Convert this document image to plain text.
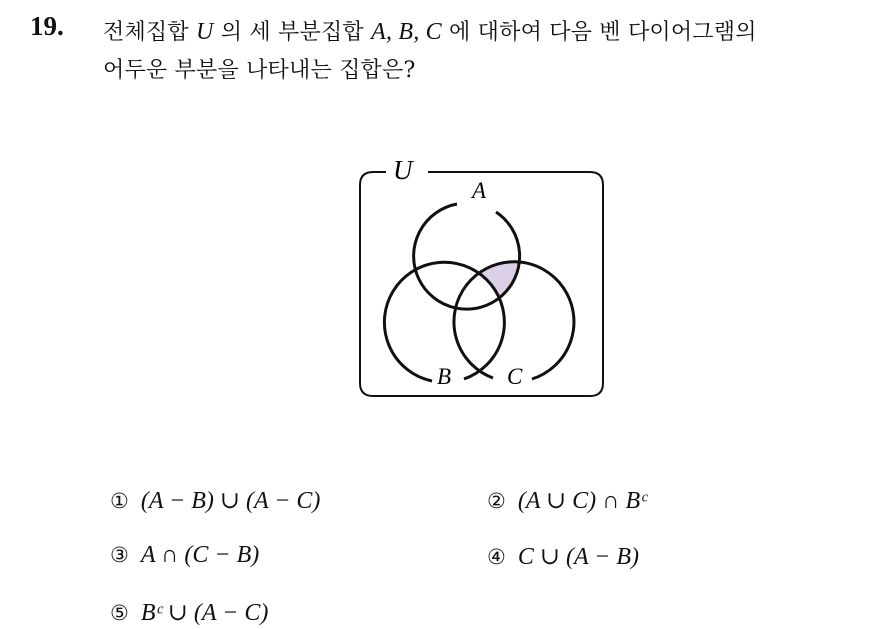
19. 전체집합 U 의 세 부분집합 A, B, C 에 대하여 다음 벤 다이어그램의
어두운 부분을 나타내는 집합은?
U
A
B C
① (A − B) ∪ (A − C)	② (A ∪ C) ∩ Bᶜ
③ A ∩ (C − B)	④ C ∪ (A − B)
⑤ Bᶜ ∪ (A − C)
